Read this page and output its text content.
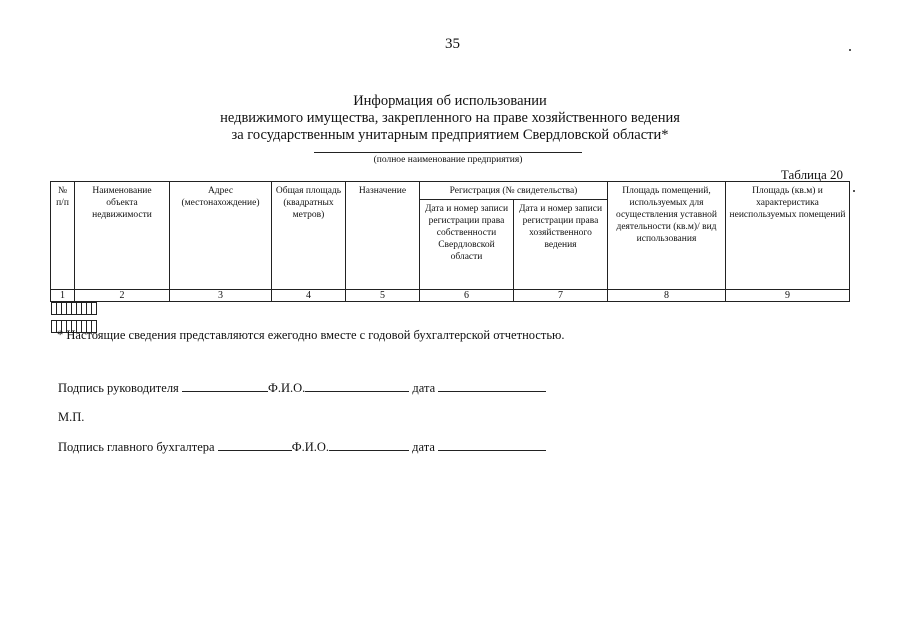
35
Информация об использовании
недвижимого имущества, закрепленного на праве хозяйственного ведения
за государственным унитарным предприятием Свердловской области*
(полное наименование предприятия)
Таблица 20
№ п/п	Наименование объекта недвижимости	Адрес (местонахождение)	Общая площадь (квадратных метров)	Назначение	Регистрация (№ свидетельства)	Площадь помещений, используемых для осуществления уставной деятельности (кв.м)/ вид использования	Площадь (кв.м) и характеристика неиспользуемых помещений
Дата и номер записи регистрации права собственности Свердловской области	Дата и номер записи регистрации права хозяйственного ведения
1	2	3	4	5	6	7	8	9

* Настоящие сведения представляются ежегодно вместе с годовой бухгалтерской отчетностью.
Подпись руководителя	Ф.И.О.	дата
М.П.
Подпись главного бухгалтера	Ф.И.О.	дата
